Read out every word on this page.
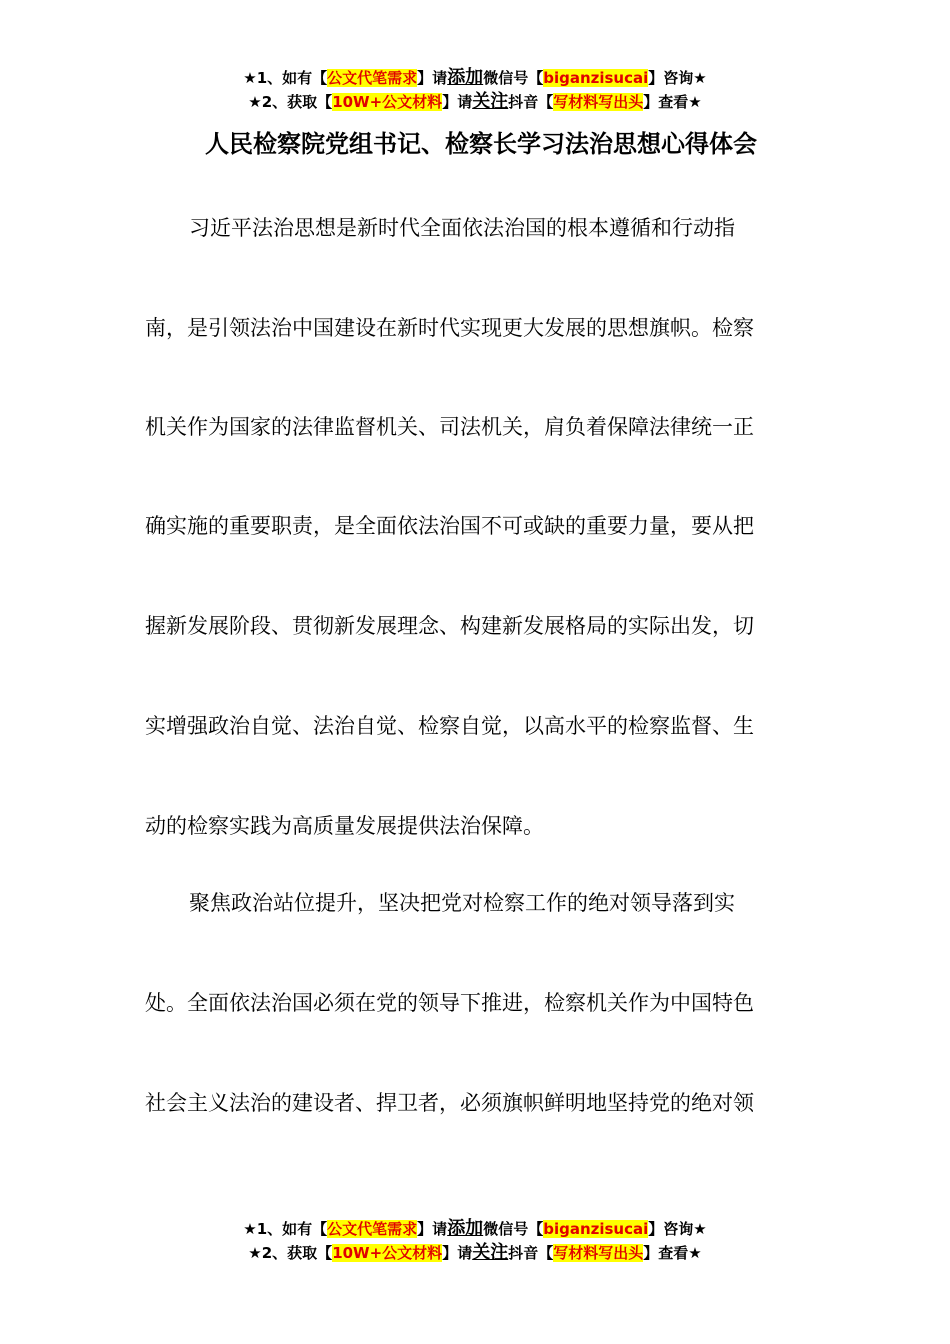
★1、如有【公文代笔需求】请添加微信号【biganzisucai】咨询★
★2、获取【10W+公文材料】请关注抖音【写材料写出头】查看★
人民检察院党组书记、检察长学习法治思想心得体会
习近平法治思想是新时代全面依法治国的根本遵循和行动指
南，是引领法治中国建设在新时代实现更大发展的思想旗帜。检察
机关作为国家的法律监督机关、司法机关，肩负着保障法律统一正
确实施的重要职责，是全面依法治国不可或缺的重要力量，要从把
握新发展阶段、贯彻新发展理念、构建新发展格局的实际出发，切
实增强政治自觉、法治自觉、检察自觉，以高水平的检察监督、生
动的检察实践为高质量发展提供法治保障。
聚焦政治站位提升，坚决把党对检察工作的绝对领导落到实
处。全面依法治国必须在党的领导下推进，检察机关作为中国特色
社会主义法治的建设者、捍卫者，必须旗帜鲜明地坚持党的绝对领
★1、如有【公文代笔需求】请添加微信号【biganzisucai】咨询★
★2、获取【10W+公文材料】请关注抖音【写材料写出头】查看★
